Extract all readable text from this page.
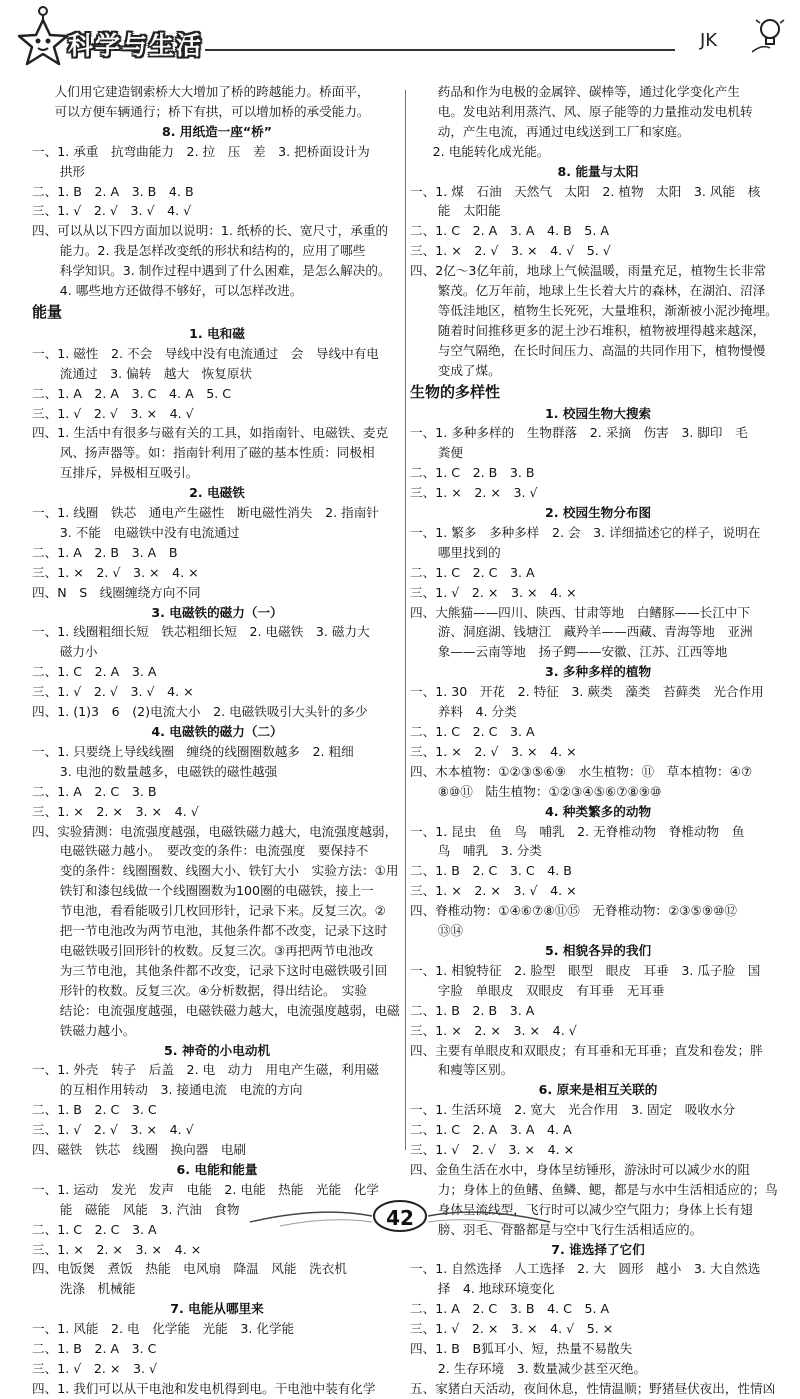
科学与生活	JK
人们用它建造钢索桥大大增加了桥的跨越能力。桥面平，
可以方便车辆通行；桥下有拱，可以增加桥的承受能力。
8. 用纸造一座“桥”
一、1. 承重　抗弯曲能力　2. 拉　压　差　3. 把桥面设计为
拱形
二、1. B　2. A　3. B　4. B
三、1. √　2. √　3. √　4. √
四、可以从以下四方面加以说明：1. 纸桥的长、宽尺寸，承重的
能力。2. 我是怎样改变纸的形状和结构的，应用了哪些
科学知识。3. 制作过程中遇到了什么困难，是怎么解决的。
4. 哪些地方还做得不够好，可以怎样改进。
能量
1. 电和磁
一、1. 磁性　2. 不会　导线中没有电流通过　会　导线中有电
流通过　3. 偏转　越大　恢复原状
二、1. A　2. A　3. C　4. A　5. C
三、1. √　2. √　3. ×　4. √
四、1. 生活中有很多与磁有关的工具，如指南针、电磁铁、麦克
风、扬声器等。如：指南针利用了磁的基本性质：同极相
互排斥，异极相互吸引。
2. 电磁铁
一、1. 线圈　铁芯　通电产生磁性　断电磁性消失　2. 指南针
3. 不能　电磁铁中没有电流通过
二、1. A　2. B　3. A　B
三、1. ×　2. √　3. ×　4. ×
四、N　S　线圈缠绕方向不同
3. 电磁铁的磁力（一）
一、1. 线圈粗细长短　铁芯粗细长短　2. 电磁铁　3. 磁力大
磁力小
二、1. C　2. A　3. A
三、1. √　2. √　3. √　4. ×
四、1. (1)3　6　(2)电流大小　2. 电磁铁吸引大头针的多少
4. 电磁铁的磁力（二）
一、1. 只要绕上导线线圈　缠绕的线圈圈数越多　2. 粗细
3. 电池的数量越多，电磁铁的磁性越强
二、1. A　2. C　3. B
三、1. ×　2. ×　3. ×　4. √
四、实验猜测：电流强度越强，电磁铁磁力越大，电流强度越弱，
电磁铁磁力越小。　要改变的条件：电流强度　要保持不
变的条件：线圈圈数、线圈大小、铁钉大小　实验方法：①用
铁钉和漆包线做一个线圈圈数为100圈的电磁铁，接上一
节电池，看看能吸引几枚回形针，记录下来。反复三次。②
把一节电池改为两节电池，其他条件都不改变，记录下这时
电磁铁吸引回形针的枚数。反复三次。③再把两节电池改
为三节电池，其他条件都不改变，记录下这时电磁铁吸引回
形针的枚数。反复三次。④分析数据，得出结论。　实验
结论：电流强度越强，电磁铁磁力越大，电流强度越弱，电磁
铁磁力越小。
5. 神奇的小电动机
一、1. 外壳　转子　后盖　2. 电　动力　用电产生磁，利用磁
的互相作用转动　3. 接通电流　电流的方向
二、1. B　2. C　3. C
三、1. √　2. √　3. ×　4. √
四、磁铁　铁芯　线圈　换向器　电刷
6. 电能和能量
一、1. 运动　发光　发声　电能　2. 电能　热能　光能　化学
能　磁能　风能　3. 汽油　食物
二、1. C　2. C　3. A
三、1. ×　2. ×　3. ×　4. ×
四、电饭煲　煮饭　热能　电风扇　降温　风能　洗衣机
洗涤　机械能
7. 电能从哪里来
一、1. 风能　2. 电　化学能　光能　3. 化学能
二、1. B　2. A　3. C
三、1. √　2. ×　3. √
四、1. 我们可以从干电池和发电机得到电。干电池中装有化学
药品和作为电极的金属锌、碳棒等，通过化学变化产生
电。发电站利用蒸汽、风、原子能等的力量推动发电机转
动，产生电流，再通过电线送到工厂和家庭。
2. 电能转化成光能。
8. 能量与太阳
一、1. 煤　石油　天然气　太阳　2. 植物　太阳　3. 风能　核
能　太阳能
二、1. C　2. A　3. A　4. B　5. A
三、1. ×　2. √　3. ×　4. √　5. √
四、2亿～3亿年前，地球上气候温暖，雨量充足，植物生长非常
繁茂。亿万年前，地球上生长着大片的森林，在湖泊、沼泽
等低洼地区，植物生长死死，大量堆积，渐渐被小泥沙掩埋。
随着时间推移更多的泥土沙石堆积，植物被埋得越来越深，
与空气隔绝，在长时间压力、高温的共同作用下，植物慢慢
变成了煤。
生物的多样性
1. 校园生物大搜索
一、1. 多种多样的　生物群落　2. 采摘　伤害　3. 脚印　毛
粪便
二、1. C　2. B　3. B
三、1. ×　2. ×　3. √
2. 校园生物分布图
一、1. 繁多　多种多样　2. 会　3. 详细描述它的样子，说明在
哪里找到的
二、1. C　2. C　3. A
三、1. √　2. ×　3. ×　4. ×
四、大熊猫——四川、陕西、甘肃等地　白鳍豚——长江中下
游、洞庭湖、钱塘江　藏羚羊——西藏、青海等地　亚洲
象——云南等地　扬子鳄——安徽、江苏、江西等地
3. 多种多样的植物
一、1. 30　开花　2. 特征　3. 蕨类　藻类　苔藓类　光合作用
养料　4. 分类
二、1. C　2. C　3. A
三、1. ×　2. √　3. ×　4. ×
四、木本植物：①②③⑤⑥⑨　水生植物：⑪　草本植物：④⑦
⑧⑩⑪　陆生植物：①②③④⑤⑥⑦⑧⑨⑩
4. 种类繁多的动物
一、1. 昆虫　鱼　鸟　哺乳　2. 无脊椎动物　脊椎动物　鱼
鸟　哺乳　3. 分类
二、1. B　2. C　3. C　4. B
三、1. ×　2. ×　3. √　4. ×
四、脊椎动物：①④⑥⑦⑧⑪⑮　无脊椎动物：②③⑤⑨⑩⑫
⑬⑭
5. 相貌各异的我们
一、1. 相貌特征　2. 脸型　眼型　眼皮　耳垂　3. 瓜子脸　国
字脸　单眼皮　双眼皮　有耳垂　无耳垂
二、1. B　2. B　3. A
三、1. ×　2. ×　3. ×　4. √
四、主要有单眼皮和双眼皮；有耳垂和无耳垂；直发和卷发；胖
和瘦等区别。
6. 原来是相互关联的
一、1. 生活环境　2. 宽大　光合作用　3. 固定　吸收水分
二、1. C　2. A　3. A　4. A
三、1. √　2. √　3. ×　4. ×
四、金鱼生活在水中，身体呈纺锤形，游泳时可以减少水的阻
力；身体上的鱼鳍、鱼鳞、鳃，都是与水中生活相适应的；鸟
身体呈流线型，飞行时可以减少空气阻力；身体上长有翅
膀、羽毛、骨骼都是与空中飞行生活相适应的。
7. 谁选择了它们
一、1. 自然选择　人工选择　2. 大　圆形　越小　3. 大自然选
择　4. 地球环境变化
二、1. A　2. C　3. B　4. C　5. A
三、1. √　2. ×　3. ×　4. √　5. ×
四、1. B　B狐耳小、短，热量不易散失
2. 生存环境　3. 数量减少甚至灭绝。
五、家猪白天活动，夜间休息，性情温顺；野猪昼伏夜出，性情凶
42
